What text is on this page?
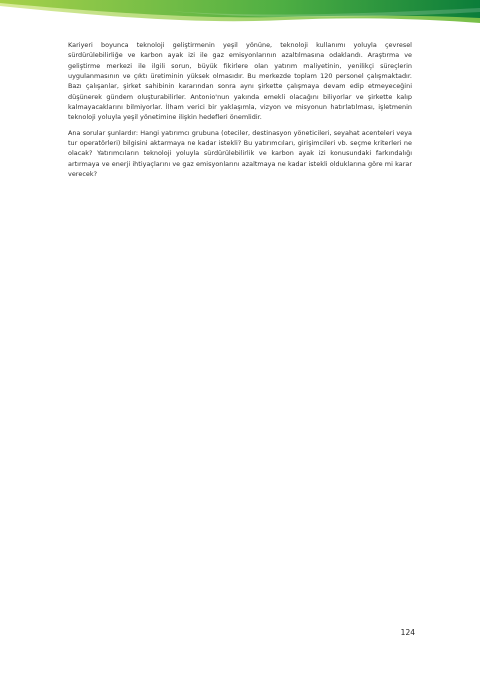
Kariyeri boyunca teknoloji geliştirmenin yeşil yönüne, teknoloji kullanımı yoluyla çevresel sürdürülebilirliğe ve karbon ayak izi ile gaz emisyonlarının azaltılmasına odaklandı. Araştırma ve geliştirme merkezi ile ilgili sorun, büyük fikirlere olan yatırım maliyetinin, yenilikçi süreçlerin uygulanmasının ve çıktı üretiminin yüksek olmasıdır. Bu merkezde toplam 120 personel çalışmaktadır. Bazı çalışanlar, şirket sahibinin kararından sonra aynı şirkette çalışmaya devam edip etmeyeceğini düşünerek gündem oluşturabilirler. Antonio'nun yakında emekli olacağını biliyorlar ve şirkette kalıp kalmayacaklarını bilmiyorlar. İlham verici bir yaklaşımla, vizyon ve misyonun hatırlatılması, işletmenin teknoloji yoluyla yeşil yönetimine ilişkin hedefleri önemlidir.

Ana sorular şunlardır: Hangi yatırımcı grubuna (oteciler, destinasyon yöneticileri, seyahat acenteleri veya tur operatörleri) bilgisini aktarmaya ne kadar istekli? Bu yatırımcıları, girişimcileri vb. seçme kriterleri ne olacak? Yatırımcıların teknoloji yoluyla sürdürülebilirlik ve karbon ayak izi konusundaki farkındalığı artırmaya ve enerji ihtiyaçlarını ve gaz emisyonlarını azaltmaya ne kadar istekli olduklarına göre mi karar verecek?

124
